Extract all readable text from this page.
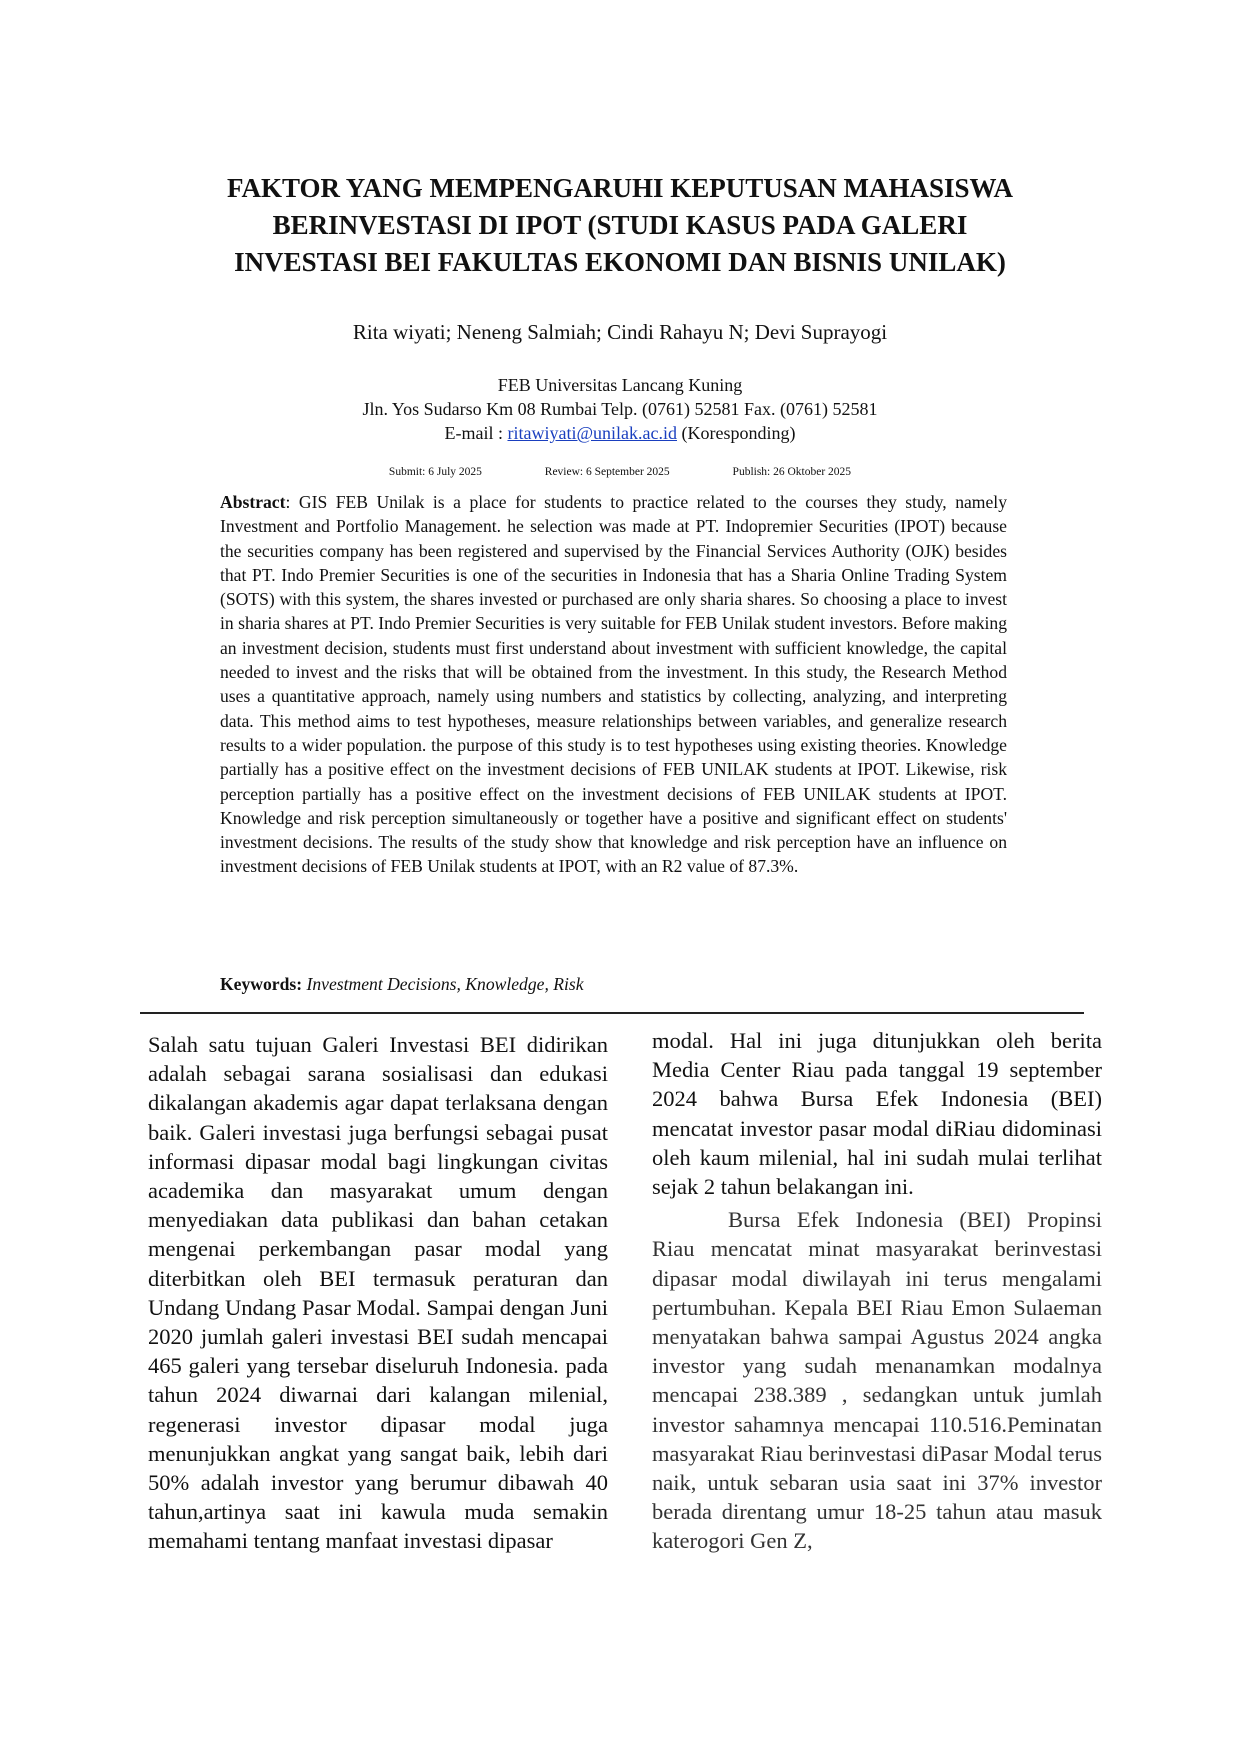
FAKTOR YANG MEMPENGARUHI KEPUTUSAN MAHASISWA
BERINVESTASI DI IPOT (STUDI KASUS PADA GALERI
INVESTASI BEI FAKULTAS EKONOMI DAN BISNIS UNILAK)

Rita wiyati; Neneng Salmiah; Cindi Rahayu N; Devi Suprayogi

FEB Universitas Lancang Kuning
Jln. Yos Sudarso Km 08 Rumbai Telp. (0761) 52581 Fax. (0761) 52581
E-mail : ritawiyati@unilak.ac.id (Koresponding)
Submit: 6 July 2025	Review: 6 September 2025	Publish: 26 Oktober 2025

Abstract: GIS FEB Unilak is a place for students to practice related to the courses they study, namely Investment and Portfolio Management. he selection was made at PT. Indopremier Securities (IPOT) because the securities company has been registered and supervised by the Financial Services Authority (OJK) besides that PT. Indo Premier Securities is one of the securities in Indonesia that has a Sharia Online Trading System (SOTS) with this system, the shares invested or purchased are only sharia shares. So choosing a place to invest in sharia shares at PT. Indo Premier Securities is very suitable for FEB Unilak student investors. Before making an investment decision, students must first understand about investment with sufficient knowledge, the capital needed to invest and the risks that will be obtained from the investment. In this study, the Research Method uses a quantitative approach, namely using numbers and statistics by collecting, analyzing, and interpreting data. This method aims to test hypotheses, measure relationships between variables, and generalize research results to a wider population. the purpose of this study is to test hypotheses using existing theories. Knowledge partially has a positive effect on the investment decisions of FEB UNILAK students at IPOT. Likewise, risk perception partially has a positive effect on the investment decisions of FEB UNILAK students at IPOT. Knowledge and risk perception simultaneously or together have a positive and significant effect on students' investment decisions. The results of the study show that knowledge and risk perception have an influence on investment decisions of FEB Unilak students at IPOT, with an R2 value of 87.3%.

Keywords: Investment Decisions, Knowledge, Risk

Salah satu tujuan Galeri Investasi BEI didirikan adalah sebagai sarana sosialisasi dan edukasi dikalangan akademis agar dapat terlaksana dengan baik. Galeri investasi juga berfungsi sebagai pusat informasi dipasar modal bagi lingkungan civitas academika dan masyarakat umum dengan menyediakan data publikasi dan bahan cetakan mengenai perkembangan pasar modal yang diterbitkan oleh BEI termasuk peraturan dan Undang Undang Pasar Modal. Sampai dengan Juni 2020 jumlah galeri investasi BEI sudah mencapai 465 galeri yang tersebar diseluruh Indonesia. pada tahun 2024 diwarnai dari kalangan milenial, regenerasi investor dipasar modal juga menunjukkan angkat yang sangat baik, lebih dari 50% adalah investor yang berumur dibawah 40 tahun,artinya saat ini kawula muda semakin memahami tentang manfaat investasi dipasar

modal. Hal ini juga ditunjukkan oleh berita Media Center Riau pada tanggal 19 september 2024 bahwa Bursa Efek Indonesia (BEI) mencatat investor pasar modal diRiau didominasi oleh kaum milenial, hal ini sudah mulai terlihat sejak 2 tahun belakangan ini.

Bursa Efek Indonesia (BEI) Propinsi Riau mencatat minat masyarakat berinvestasi dipasar modal diwilayah ini terus mengalami pertumbuhan. Kepala BEI Riau Emon Sulaeman menyatakan bahwa sampai Agustus 2024 angka investor yang sudah menanamkan modalnya mencapai 238.389 , sedangkan untuk jumlah investor sahamnya mencapai 110.516.Peminatan masyarakat Riau berinvestasi diPasar Modal terus naik, untuk sebaran usia saat ini 37% investor berada direntang umur 18-25 tahun atau masuk katerogori Gen Z,
